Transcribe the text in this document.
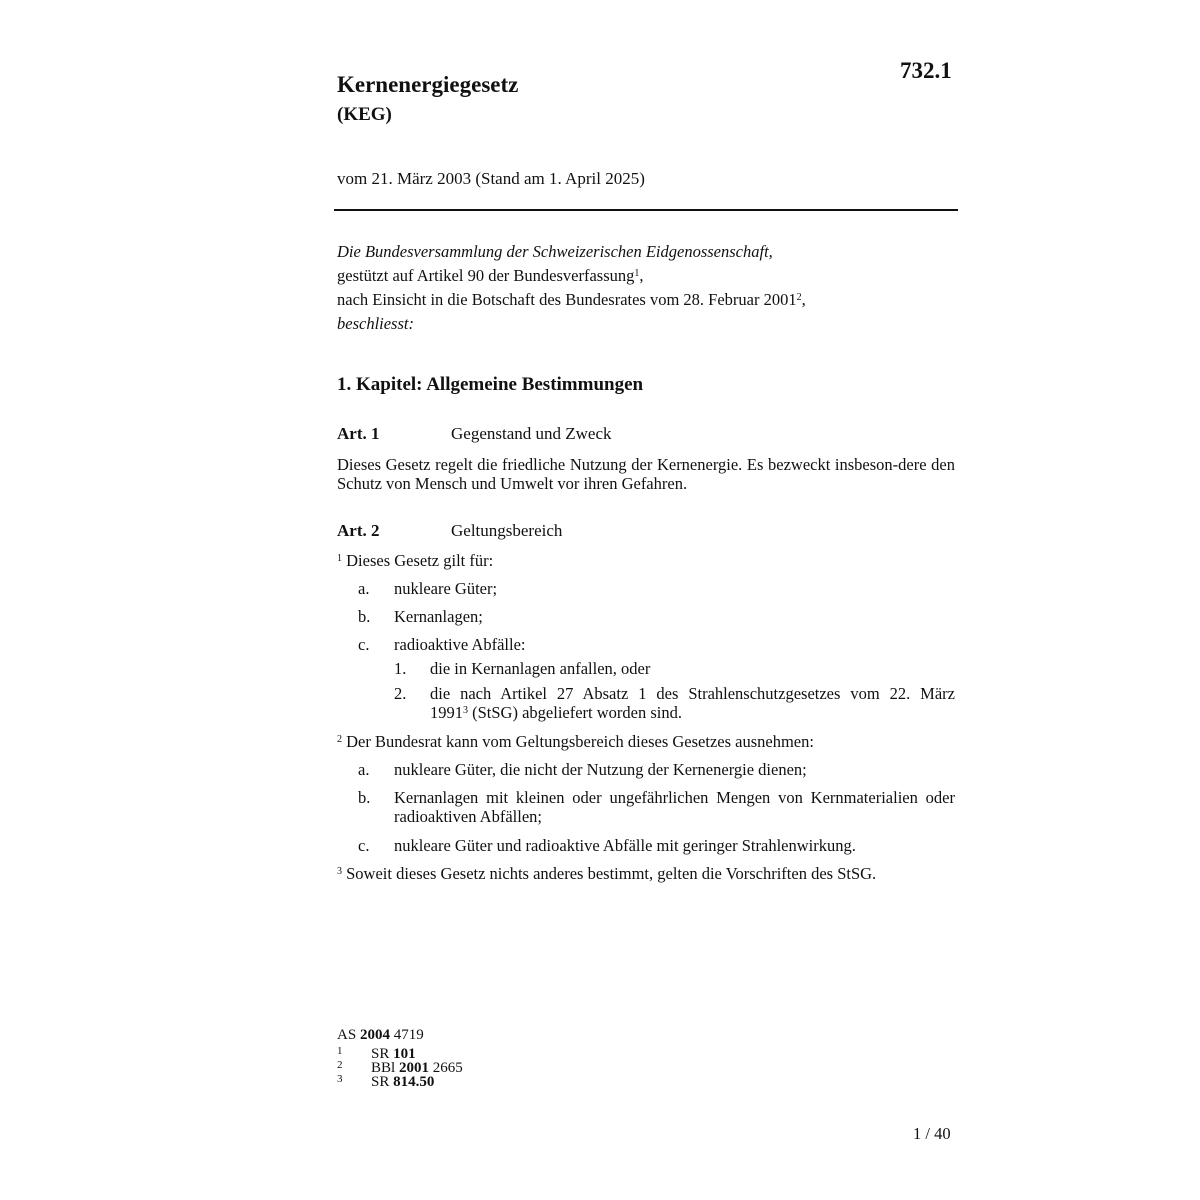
732.1
Kernenergiegesetz
(KEG)
vom 21. März 2003 (Stand am 1. April 2025)
Die Bundesversammlung der Schweizerischen Eidgenossenschaft,
gestützt auf Artikel 90 der Bundesverfassung$^1$,
nach Einsicht in die Botschaft des Bundesrates vom 28. Februar 2001$^2$,
beschliesst:
1. Kapitel: Allgemeine Bestimmungen
Art. 1	Gegenstand und Zweck
Dieses Gesetz regelt die friedliche Nutzung der Kernenergie. Es bezweckt insbeson-dere den Schutz von Mensch und Umwelt vor ihren Gefahren.
Art. 2	Geltungsbereich
$^1$ Dieses Gesetz gilt für:
a. nukleare Güter;
b. Kernanlagen;
c. radioaktive Abfälle:
1. die in Kernanlagen anfallen, oder
2. die nach Artikel 27 Absatz 1 des Strahlenschutzgesetzes vom 22. März
1991$^3$ (StSG) abgeliefert worden sind.
$^2$ Der Bundesrat kann vom Geltungsbereich dieses Gesetzes ausnehmen:
a. nukleare Güter, die nicht der Nutzung der Kernenergie dienen;
b. Kernanlagen mit kleinen oder ungefährlichen Mengen von Kernmaterialien oder radioaktiven Abfällen;
c. nukleare Güter und radioaktive Abfälle mit geringer Strahlenwirkung.
$^3$ Soweit dieses Gesetz nichts anderes bestimmt, gelten die Vorschriften des StSG.
AS 2004 4719
1 SR 101
2 BBl 2001 2665
3 SR 814.50
1 / 40
